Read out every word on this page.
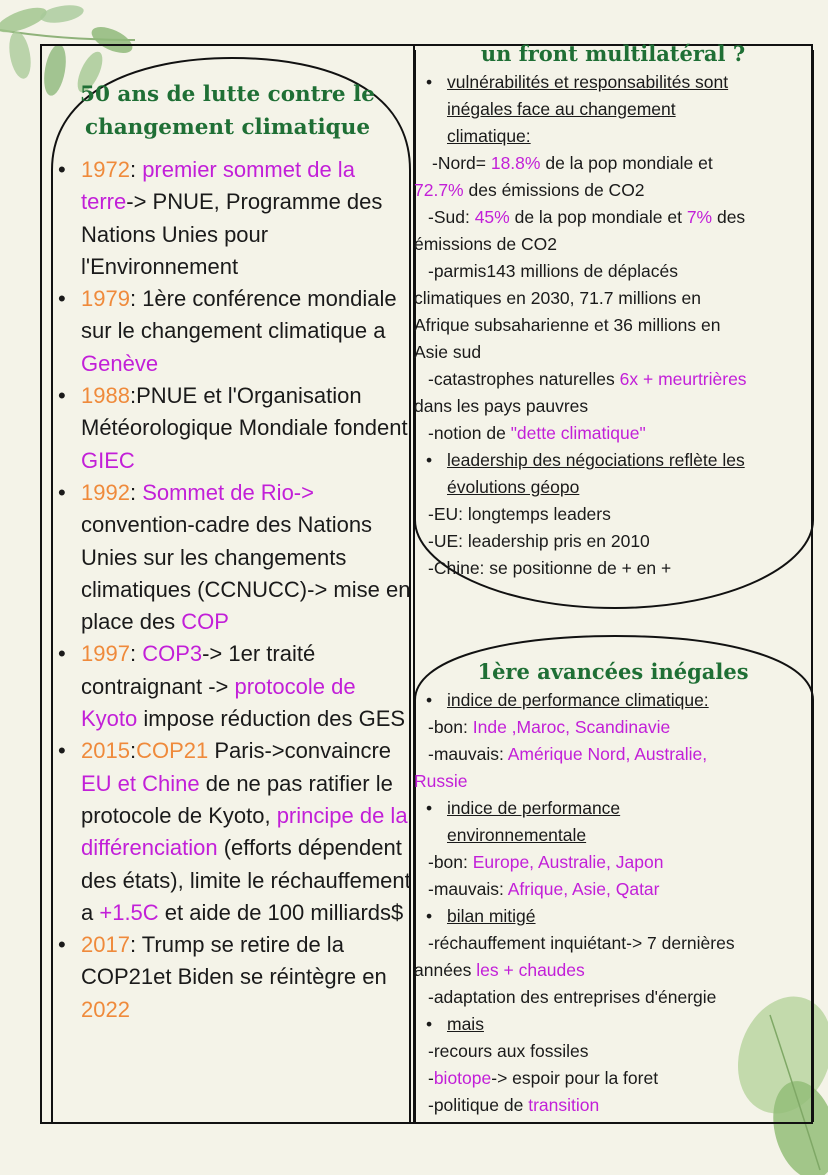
50 ans de lutte contre le
changement climatique
• 1972: premier sommet de la terre-> PNUE, Programme des Nations Unies pour l'Environnement
• 1979: 1ère conférence mondiale sur le changement climatique a Genève
• 1988:PNUE et l'Organisation Météorologique Mondiale fondent GIEC
• 1992: Sommet de Rio-> convention-cadre des Nations Unies sur les changements climatiques (CCNUCC)-> mise en place des COP
• 1997: COP3-> 1er traité contraignant -> protocole de Kyoto impose réduction des GES
• 2015:COP21 Paris->convaincre EU et Chine de ne pas ratifier le protocole de Kyoto, principe de la différenciation (efforts dépendent des états), limite le réchauffement a +1.5C et aide de 100 milliards$
• 2017: Trump se retire de la COP21et Biden se réintègre en 2022
un front multilatéral ?
• vulnérabilités et responsabilités sont
inégales face au changement
climatique:
-Nord= 18.8% de la pop mondiale et
72.7% des émissions de CO2
-Sud: 45% de la pop mondiale et 7% des
émissions de CO2
-parmis143 millions de déplacés
climatiques en 2030, 71.7 millions en
Afrique subsaharienne et 36 millions en
Asie sud
-catastrophes naturelles 6x + meurtrières
dans les pays pauvres
-notion de "dette climatique"
• leadership des négociations reflète les
évolutions géopo
-EU: longtemps leaders
-UE: leadership pris en 2010
-Chine: se positionne de + en +
1ère avancées inégales
• indice de performance climatique:
-bon: Inde ,Maroc, Scandinavie
-mauvais: Amérique Nord, Australie,
Russie
• indice de performance
environnementale
-bon: Europe, Australie, Japon
-mauvais: Afrique, Asie, Qatar
• bilan mitigé
-réchauffement inquiétant-> 7 dernières
années les + chaudes
-adaptation des entreprises d'énergie
• mais
-recours aux fossiles
-biotope-> espoir pour la foret
-politique de transition
